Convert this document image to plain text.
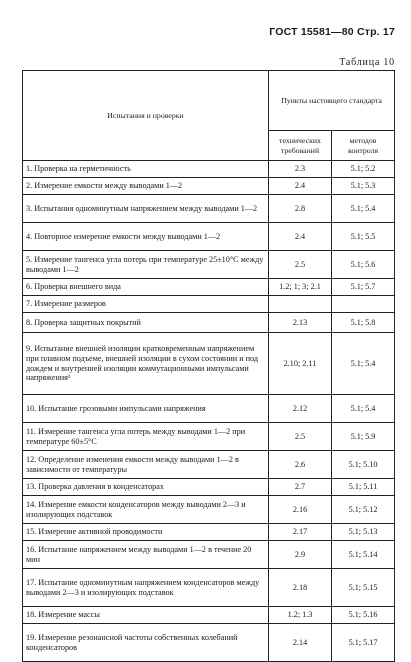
ГОСТ 15581—80 Стр. 17
Таблица 10
Испытания и проверки	Пункты настоящего стандарта	
	технических требований	методов контроля
1. Проверка на герметичность	2.3	5.1; 5.2
2. Измерение емкости между выводами 1—2	2.4	5.1; 5.3
3. Испытания одноминутным напряжением между выводами 1—2	2.8	5.1; 5.4
4. Повторное измерение емкости между выводами 1—2	2.4	5.1; 5.5
5. Измерение тангенса угла потерь при температуре 25±10°С между выводами 1—2	2.5	5.1; 5.6
6. Проверка внешнего вида	1.2; 1; 3; 2.1	5.1; 5.7
7. Измерение размеров		
8. Проверка защитных покрытий	2.13	5.1; 5.8
9. Испытание внешней изоляции кратковременным напряжением при плавном подъеме, внешней изоляции в сухом состоянии и под дождем и внутренней изоляции коммутационными импульсами напряжения¹	2.10; 2.11	5.1; 5.4
10. Испытание грозовыми импульсами напряжения	2.12	5.1; 5.4
11. Измерение тангенса угла потерь между выводами 1—2 при температуре 60±5°С	2.5	5.1; 5.9
12. Определение изменения емкости между выводами 1—2 в зависимости от температуры	2.6	5.1; 5.10
13. Проверка давления в конденсаторах	2.7	5.1; 5.11
14. Измерение емкости конденсаторов между выводами 2—3 и изолирующих подставок	2.16	5.1; 5.12
15. Измерение активной проводимости	2.17	5.1; 5.13
16. Испытание напряжением между выводами 1—2 в течение 20 мин	2.9	5.1; 5.14
17. Испытание одноминутным напряжением конденсаторов между выводами 2—3 и изолирующих подставок	2.18	5.1; 5.15
18. Измерение массы	1.2; 1.3	5.1; 5.16
19. Измерение резонансной частоты собственных колебаний конденсаторов	2.14	5.1; 5.17
